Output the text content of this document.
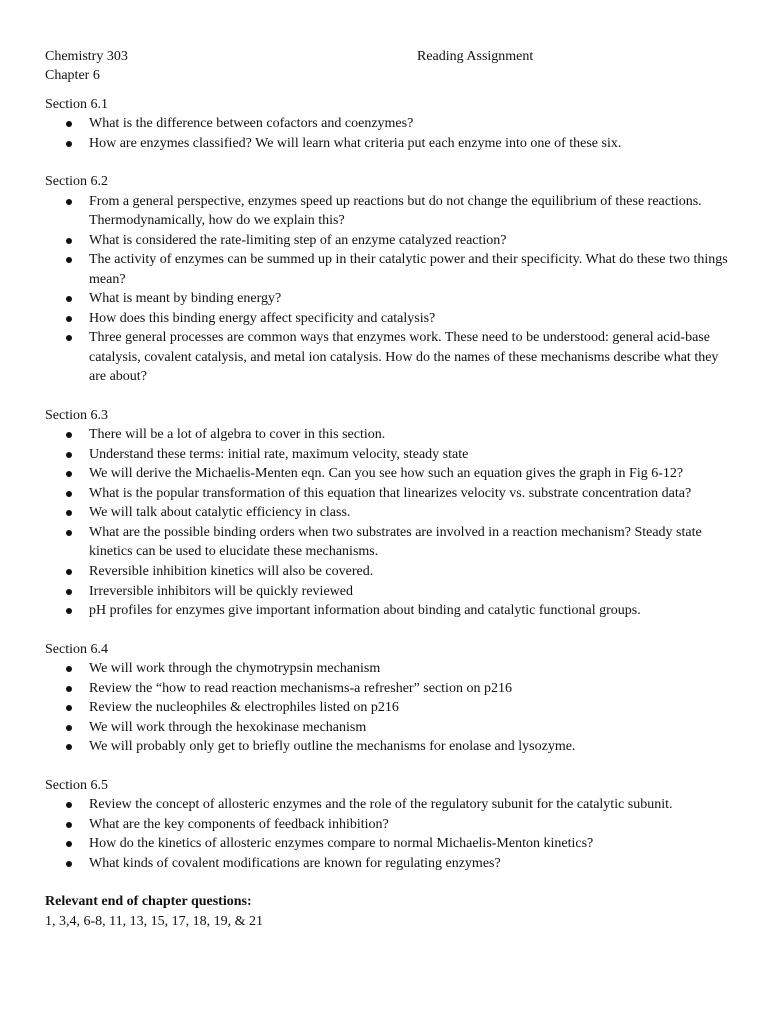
Chemistry 303	Reading Assignment
Chapter 6
Section 6.1
What is the difference between cofactors and coenzymes?
How are enzymes classified? We will learn what criteria put each enzyme into one of these six.
Section 6.2
From a general perspective, enzymes speed up reactions but do not change the equilibrium of these reactions. Thermodynamically, how do we explain this?
What is considered the rate-limiting step of an enzyme catalyzed reaction?
The activity of enzymes can be summed up in their catalytic power and their specificity. What do these two things mean?
What is meant by binding energy?
How does this binding energy affect specificity and catalysis?
Three general processes are common ways that enzymes work. These need to be understood: general acid-base catalysis, covalent catalysis, and metal ion catalysis. How do the names of these mechanisms describe what they are about?
Section 6.3
There will be a lot of algebra to cover in this section.
Understand these terms: initial rate, maximum velocity, steady state
We will derive the Michaelis-Menten eqn. Can you see how such an equation gives the graph in Fig 6-12?
What is the popular transformation of this equation that linearizes velocity vs. substrate concentration data?
We will talk about catalytic efficiency in class.
What are the possible binding orders when two substrates are involved in a reaction mechanism? Steady state kinetics can be used to elucidate these mechanisms.
Reversible inhibition kinetics will also be covered.
Irreversible inhibitors will be quickly reviewed
pH profiles for enzymes give important information about binding and catalytic functional groups.
Section 6.4
We will work through the chymotrypsin mechanism
Review the “how to read reaction mechanisms-a refresher” section on p216
Review the nucleophiles & electrophiles listed on p216
We will work through the hexokinase mechanism
We will probably only get to briefly outline the mechanisms for enolase and lysozyme.
Section 6.5
Review the concept of allosteric enzymes and the role of the regulatory subunit for the catalytic subunit.
What are the key components of feedback inhibition?
How do the kinetics of allosteric enzymes compare to normal Michaelis-Menton kinetics?
What kinds of covalent modifications are known for regulating enzymes?
Relevant end of chapter questions:
1, 3,4, 6-8, 11, 13, 15, 17, 18, 19, & 21
